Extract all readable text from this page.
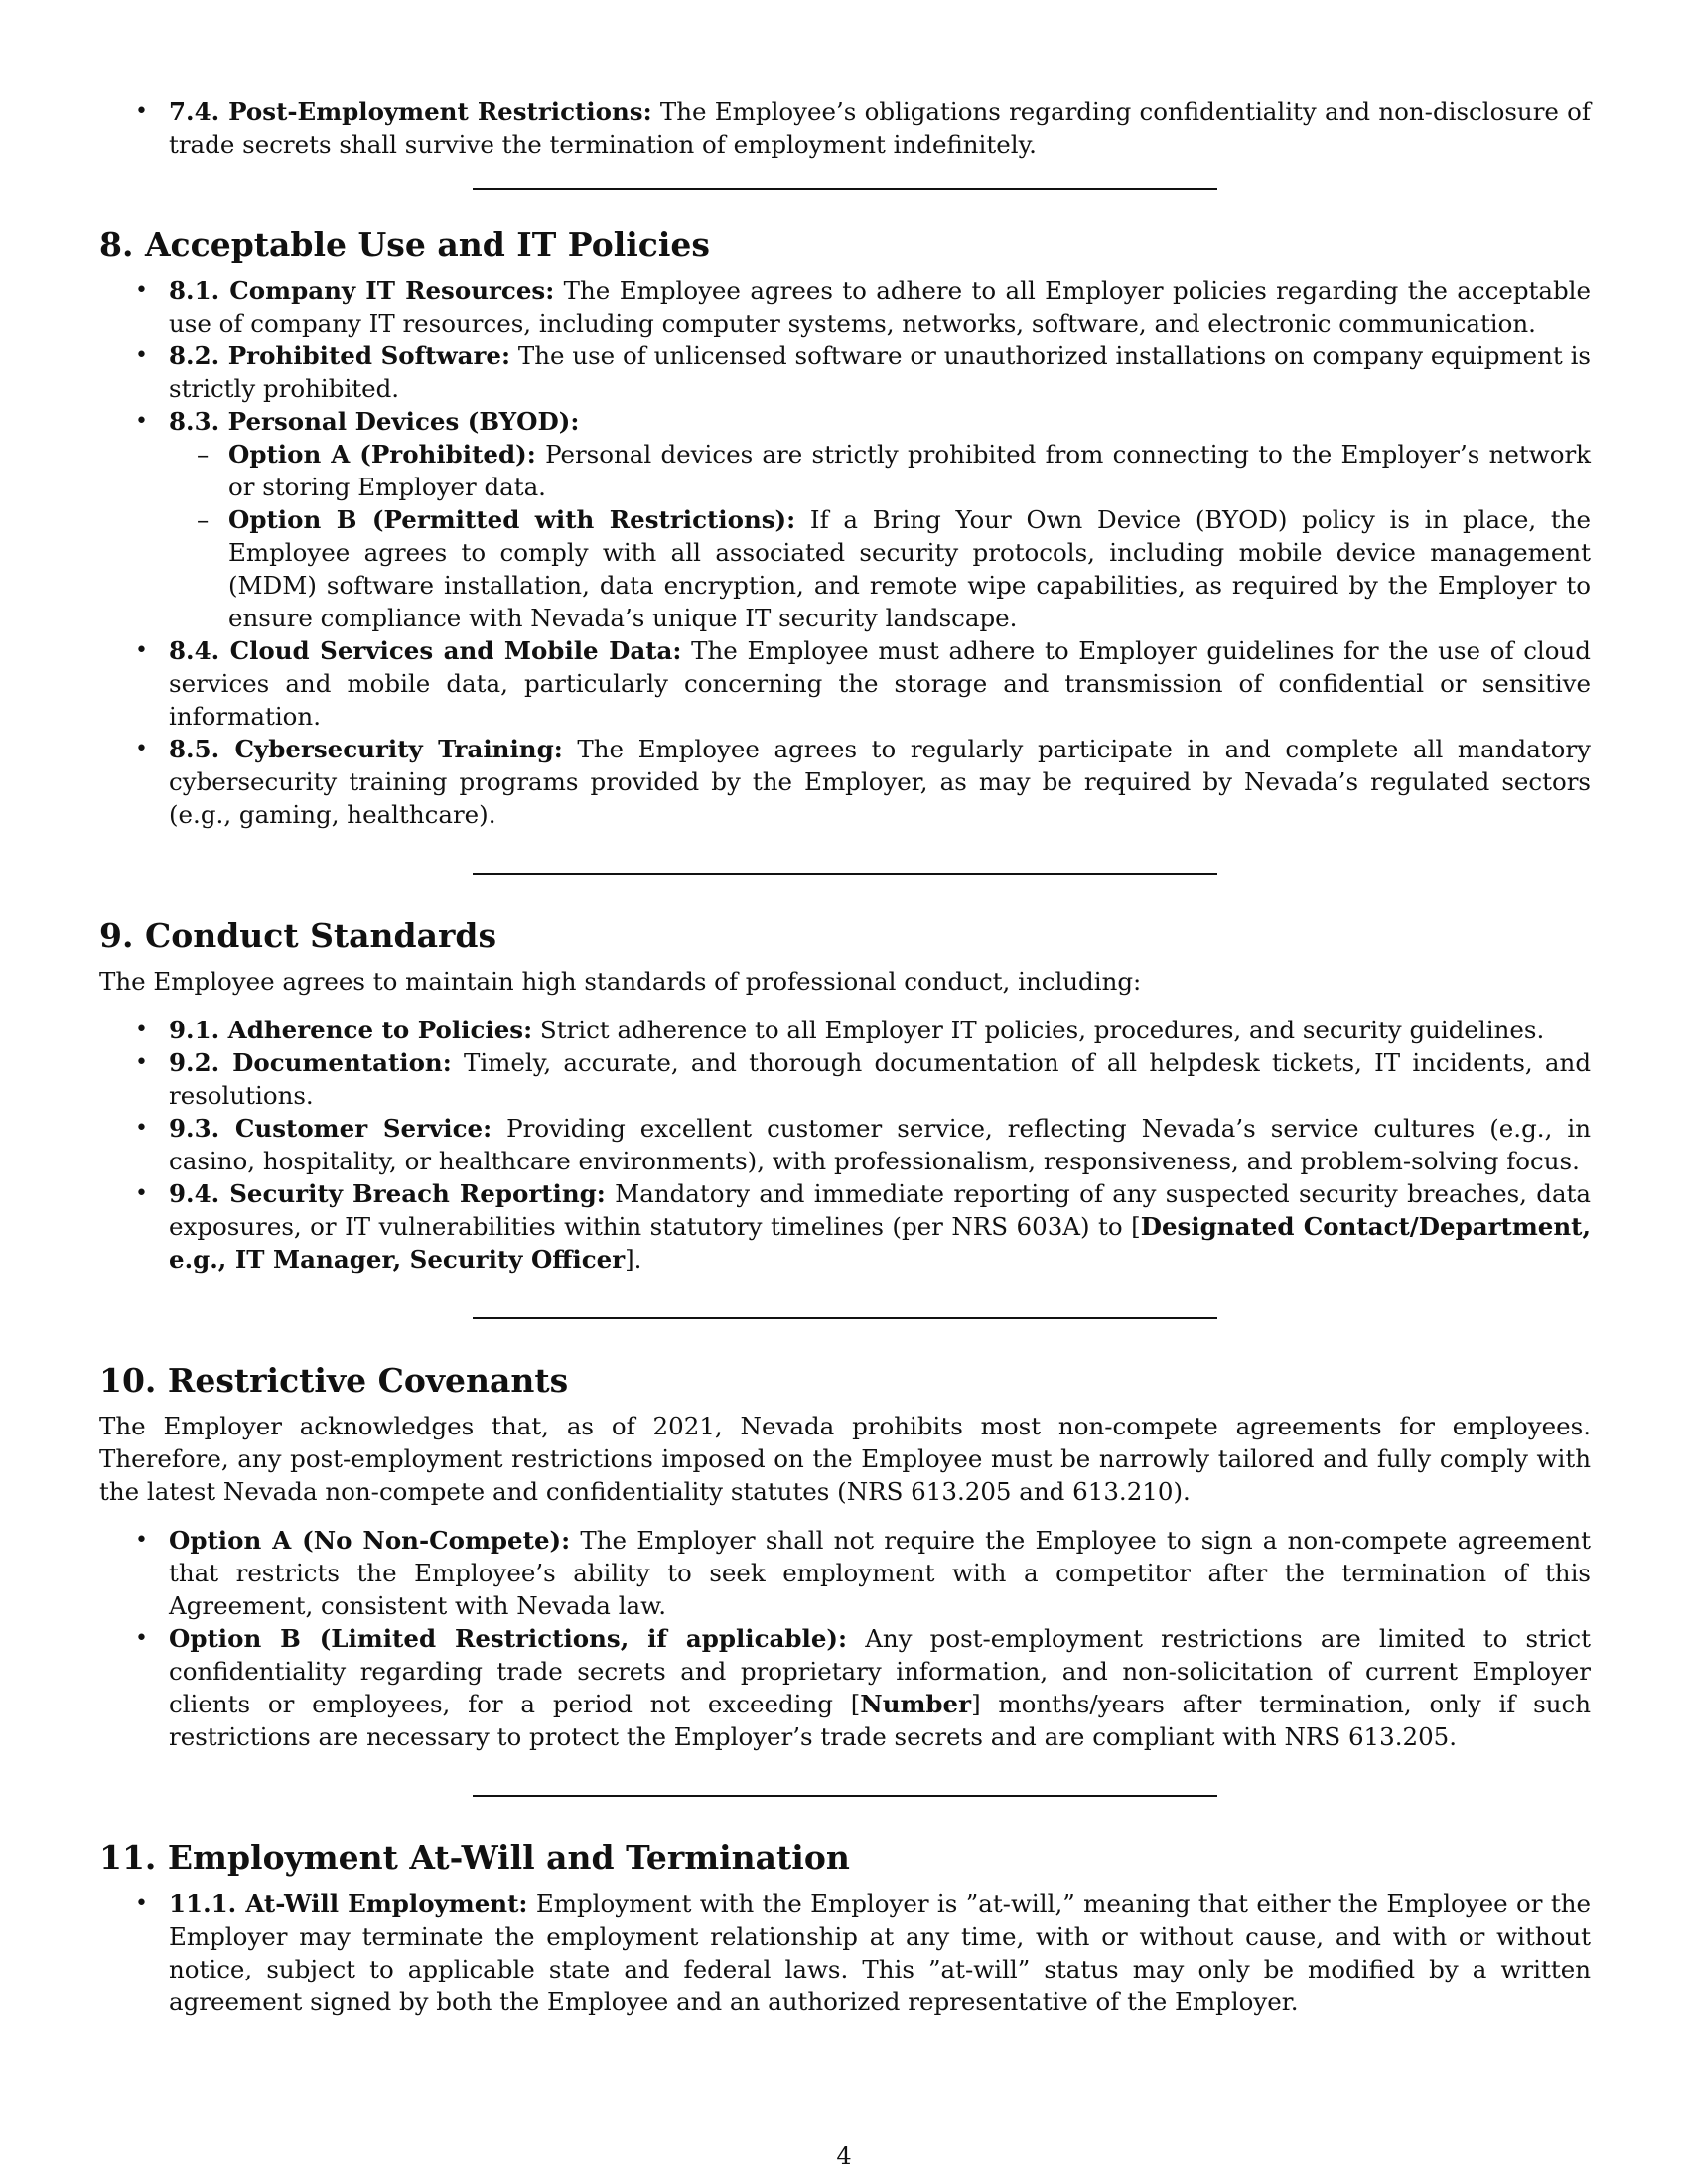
• 7.4. Post-Employment Restrictions: The Employee’s obligations regarding confidentiality and non-disclosure of trade secrets shall survive the termination of employment indefinitely.
8. Acceptable Use and IT Policies
• 8.1. Company IT Resources: The Employee agrees to adhere to all Employer policies regarding the acceptable use of company IT resources, including computer systems, networks, software, and electronic communication.
• 8.2. Prohibited Software: The use of unlicensed software or unauthorized installations on company equipment is strictly prohibited.
• 8.3. Personal Devices (BYOD):
– Option A (Prohibited): Personal devices are strictly prohibited from connecting to the Employer’s network or storing Employer data.
– Option B (Permitted with Restrictions): If a Bring Your Own Device (BYOD) policy is in place, the Employee agrees to comply with all associated security protocols, including mobile device management (MDM) software installation, data encryption, and remote wipe capabilities, as required by the Employer to ensure compliance with Nevada’s unique IT security landscape.
• 8.4. Cloud Services and Mobile Data: The Employee must adhere to Employer guidelines for the use of cloud services and mobile data, particularly concerning the storage and transmission of confidential or sensitive information.
• 8.5. Cybersecurity Training: The Employee agrees to regularly participate in and complete all mandatory cybersecurity training programs provided by the Employer, as may be required by Nevada’s regulated sectors (e.g., gaming, healthcare).
9. Conduct Standards

The Employee agrees to maintain high standards of professional conduct, including:

• 9.1. Adherence to Policies: Strict adherence to all Employer IT policies, procedures, and security guidelines.
• 9.2. Documentation: Timely, accurate, and thorough documentation of all helpdesk tickets, IT incidents, and resolutions.
• 9.3. Customer Service: Providing excellent customer service, reflecting Nevada’s service cultures (e.g., in casino, hospitality, or healthcare environments), with professionalism, responsiveness, and problem-solving focus.
• 9.4. Security Breach Reporting: Mandatory and immediate reporting of any suspected security breaches, data exposures, or IT vulnerabilities within statutory timelines (per NRS 603A) to [Designated Contact/Department, e.g., IT Manager, Security Officer].
10. Restrictive Covenants

The Employer acknowledges that, as of 2021, Nevada prohibits most non-compete agreements for employees. Therefore, any post-employment restrictions imposed on the Employee must be narrowly tailored and fully comply with the latest Nevada non-compete and confidentiality statutes (NRS 613.205 and 613.210).

• Option A (No Non-Compete): The Employer shall not require the Employee to sign a non-compete agreement that restricts the Employee’s ability to seek employment with a competitor after the termination of this Agreement, consistent with Nevada law.
• Option B (Limited Restrictions, if applicable): Any post-employment restrictions are limited to strict confidentiality regarding trade secrets and proprietary information, and non-solicitation of current Employer clients or employees, for a period not exceeding [Number] months/years after termination, only if such restrictions are necessary to protect the Employer’s trade secrets and are compliant with NRS 613.205.
11. Employment At-Will and Termination
• 11.1. At-Will Employment: Employment with the Employer is ”at-will,” meaning that either the Employee or the Employer may terminate the employment relationship at any time, with or without cause, and with or without notice, subject to applicable state and federal laws. This ”at-will” status may only be modified by a written agreement signed by both the Employee and an authorized representative of the Employer.
4
